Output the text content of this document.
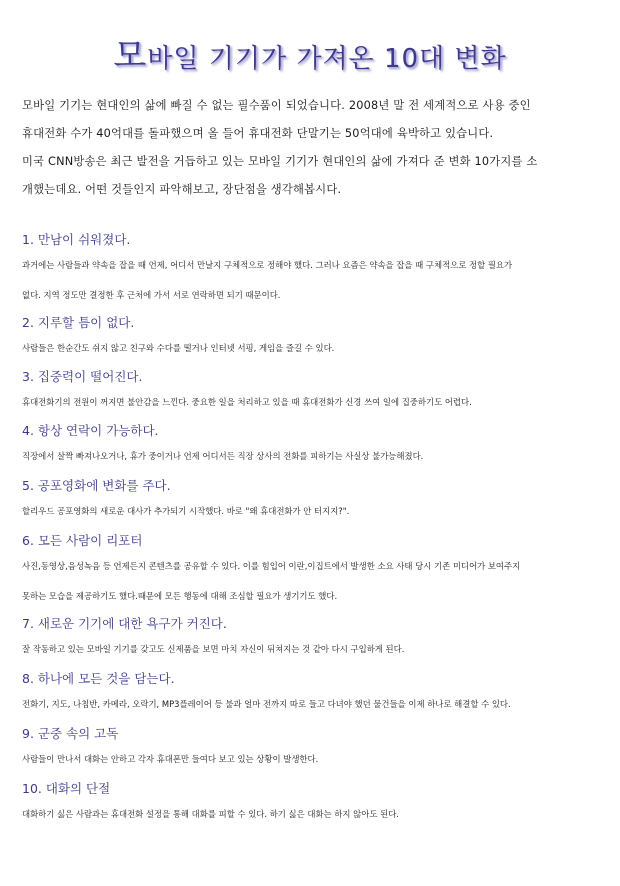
모바일 기기가 가져온 10대 변화

모바일 기기는 현대인의 삶에 빠질 수 없는 필수품이 되었습니다. 2008년 말 전 세계적으로 사용 중인

휴대전화 수가 40억대를 돌파했으며 올 들어 휴대전화 단말기는 50억대에 육박하고 있습니다.

미국 CNN방송은 최근 발전을 거듭하고 있는 모바일 기기가 현대인의 삶에 가져다 준 변화 10가지를 소

개했는데요. 어떤 것들인지 파악해보고, 장단점을 생각해봅시다.

1. 만남이 쉬워졌다.

과거에는 사람들과 약속을 잡을 때 언제, 어디서 만날지 구체적으로 정해야 했다. 그러나 요즘은 약속을 잡을 때 구체적으로 정할 필요가

없다. 지역 정도만 결정한 후 근처에 가서 서로 연락하면 되기 때문이다.

2. 지루할 틈이 없다.

사람들은 한순간도 쉬지 않고 친구와 수다를 떨거나 인터넷 서핑, 게임을 즐길 수 있다.

3. 집중력이 떨어진다.

휴대전화기의 전원이 꺼지면 불안감을 느낀다. 중요한 일을 처리하고 있을 때 휴대전화가 신경 쓰여 일에 집중하기도 어렵다.

4. 항상 연락이 가능하다.

직장에서 살짝 빠져나오거나, 휴가 중이거나 언제 어디서든 직장 상사의 전화를 피하기는 사실상 불가능해졌다.

5. 공포영화에 변화를 주다.

할리우드 공포영화의 새로운 대사가 추가되기 시작했다. 바로 "왜 휴대전화가 안 터지지?".

6. 모든 사람이 리포터

사진,동영상,음성녹음 등 언제든지 콘텐츠를 공유할 수 있다. 이를 힘입어 이란,이집트에서 발생한 소요 사태 당시 기존 미디어가 보여주지

못하는 모습을 제공하기도 했다.때문에 모든 행동에 대해 조심할 필요가 생기기도 했다.

7. 새로운 기기에 대한 욕구가 커진다.

잘 작동하고 있는 모바일 기기를 갖고도 신제품을 보면 마치 자신이 뒤쳐지는 것 같아 다시 구입하게 된다.

8. 하나에 모든 것을 담는다.

전화기, 지도, 나침반, 카메라, 오락기, MP3플레이어 등 불과 얼마 전까지 따로 들고 다녀야 했던 물건들을 이제 하나로 해결할 수 있다.

9. 군중 속의 고독

사람들이 만나서 대화는 안하고 각자 휴대폰만 들여다 보고 있는 상황이 발생한다.

10. 대화의 단절

대화하기 싫은 사람과는 휴대전화 설정을 통해 대화를 피할 수 있다. 하기 싫은 대화는 하지 않아도 된다.
